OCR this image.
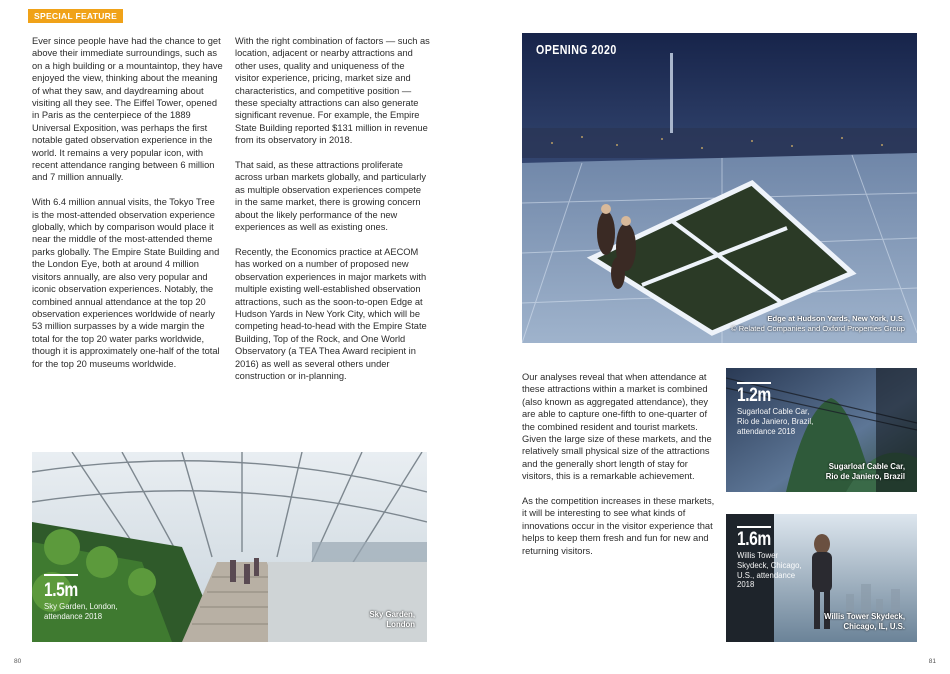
SPECIAL FEATURE

Ever since people have had the chance to get above their immediate surroundings, such as on a high building or a mountaintop, they have enjoyed the view, thinking about the meaning of what they saw, and daydreaming about visiting all they see. The Eiffel Tower, opened in Paris as the centerpiece of the 1889 Universal Exposition, was perhaps the first notable gated observation experience in the world. It remains a very popular icon, with recent attendance ranging between 6 million and 7 million annually.

With 6.4 million annual visits, the Tokyo Tree is the most-attended observation experience globally, which by comparison would place it near the middle of the most-attended theme parks globally. The Empire State Building and the London Eye, both at around 4 million visitors annually, are also very popular and iconic observation experiences. Notably, the combined annual attendance at the top 20 observation experiences worldwide of nearly 53 million surpasses by a wide margin the total for the top 20 water parks worldwide, though it is approximately one-half of the total for the top 20 museums worldwide.

With the right combination of factors — such as location, adjacent or nearby attractions and other uses, quality and uniqueness of the visitor experience, pricing, market size and characteristics, and competitive position — these specialty attractions can also generate significant revenue. For example, the Empire State Building reported $131 million in revenue from its observatory in 2018.

That said, as these attractions proliferate across urban markets globally, and particularly as multiple observation experiences compete in the same market, there is growing concern about the likely performance of the new experiences as well as existing ones.

Recently, the Economics practice at AECOM has worked on a number of proposed new observation experiences in major markets with multiple existing well-established observation attractions, such as the soon-to-open Edge at Hudson Yards in New York City, which will be competing head-to-head with the Empire State Building, Top of the Rock, and One World Observatory (a TEA Thea Award recipient in 2016) as well as several others under construction or in-planning.	Our analyses reveal that when attendance at these attractions within a market is combined (also known as aggregated attendance), they are able to capture one-fifth to one-quarter of the combined resident and tourist markets. Given the large size of these markets, and the relatively small physical size of the attractions and the generally short length of stay for visitors, this is a remarkable achievement.

As the competition increases in these markets, it will be interesting to see what kinds of innovations occur in the visitor experience that helps to keep them fresh and fun for new and returning visitors.

OPENING 2020
Edge at Hudson Yards, New York, U.S.
© Related Companies and Oxford Properties Group
1.5m
Sky Garden, London,
attendance 2018	Sky Garden,
London
1.2m
Sugarloaf Cable Car,
Rio de Janiero, Brazil,
attendance 2018
Sugarloaf Cable Car,
Rio de Janiero, Brazil
1.6m
Willis Tower
Skydeck, Chicago,
U.S., attendance
2018
Willis Tower Skydeck,
Chicago, IL, U.S.
80	81
